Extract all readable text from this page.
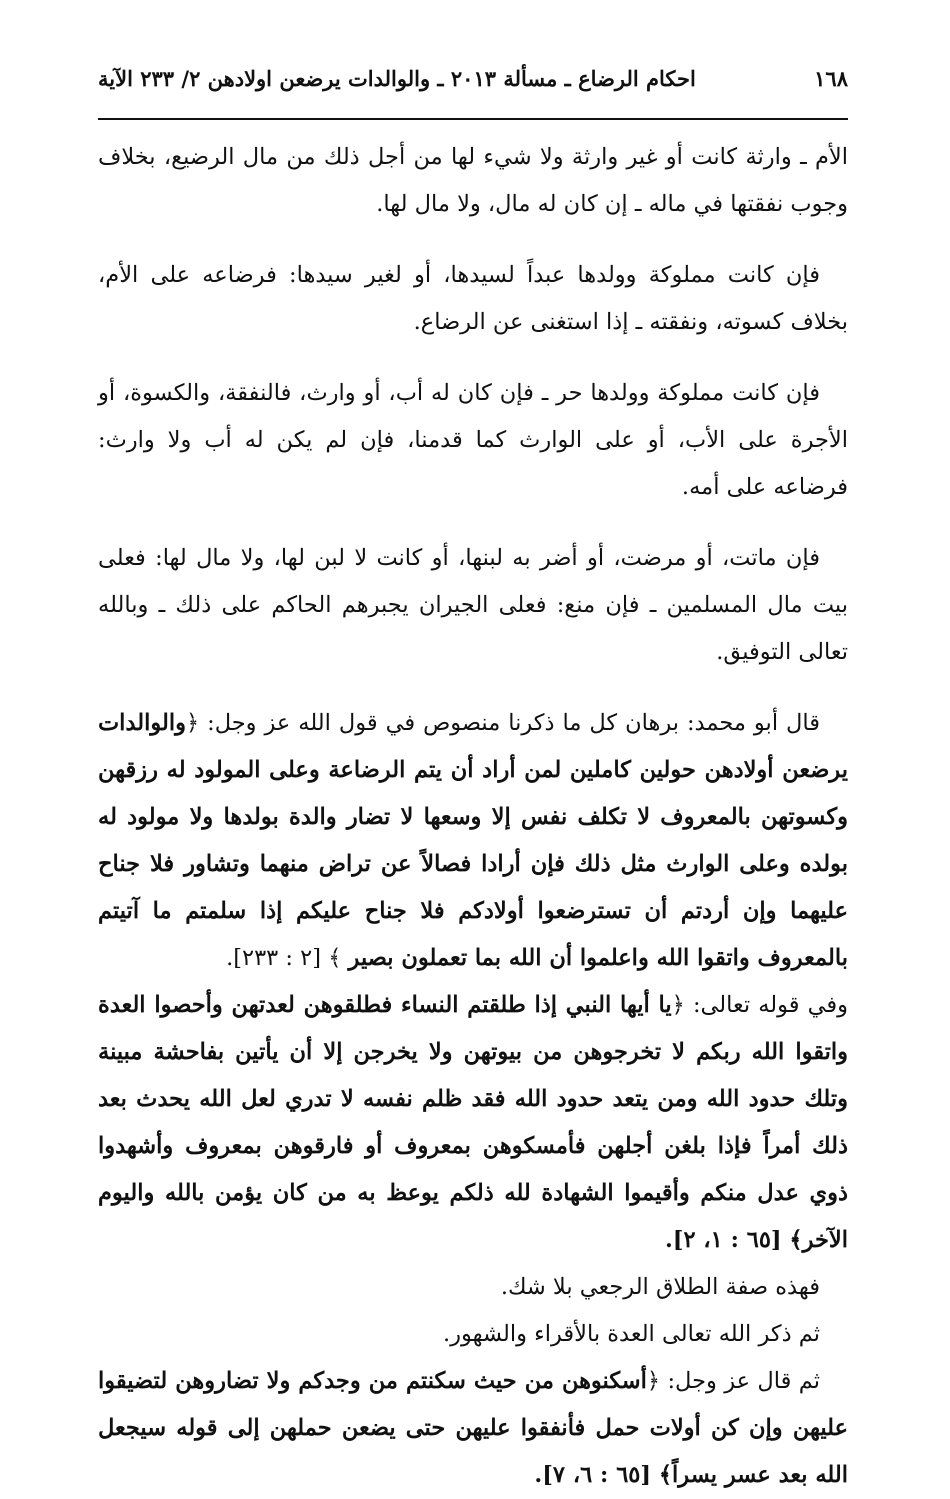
١٦٨
احكام الرضاع ـ مسألة ٢٠١٣ ـ والوالدات يرضعن اولادهن ٢/ ٢٣٣ الآية

الأم ـ وارثة كانت أو غير وارثة ولا شيء لها من أجل ذلك من مال الرضيع، بخلاف وجوب نفقتها في ماله ـ إن كان له مال، ولا مال لها.

فإن كانت مملوكة وولدها عبداً لسيدها، أو لغير سيدها: فرضاعه على الأم، بخلاف كسوته، ونفقته ـ إذا استغنى عن الرضاع.

فإن كانت مملوكة وولدها حر ـ فإن كان له أب، أو وارث، فالنفقة، والكسوة، أو الأجرة على الأب، أو على الوارث كما قدمنا، فإن لم يكن له أب ولا وارث: فرضاعه على أمه.

فإن ماتت، أو مرضت، أو أضر به لبنها، أو كانت لا لبن لها، ولا مال لها: فعلى بيت مال المسلمين ـ فإن منع: فعلى الجيران يجبرهم الحاكم على ذلك ـ وبالله تعالى التوفيق.

قال أبو محمد: برهان كل ما ذكرنا منصوص في قول الله عز وجل: ﴿والوالدات يرضعن أولادهن حولين كاملين لمن أراد أن يتم الرضاعة وعلى المولود له رزقهن وكسوتهن بالمعروف لا تكلف نفس إلا وسعها لا تضار والدة بولدها ولا مولود له بولده وعلى الوارث مثل ذلك فإن أرادا فصالاً عن تراض منهما وتشاور فلا جناح عليهما وإن أردتم أن تسترضعوا أولادكم فلا جناح عليكم إذا سلمتم ما آتيتم بالمعروف واتقوا الله واعلموا أن الله بما تعملون بصير ﴾ [٢ : ٢٣٣].

وفي قوله تعالى: ﴿يا أيها النبي إذا طلقتم النساء فطلقوهن لعدتهن وأحصوا العدة واتقوا الله ربكم لا تخرجوهن من بيوتهن ولا يخرجن إلا أن يأتين بفاحشة مبينة وتلك حدود الله ومن يتعد حدود الله فقد ظلم نفسه لا تدري لعل الله يحدث بعد ذلك أمراً فإذا بلغن أجلهن فأمسكوهن بمعروف أو فارقوهن بمعروف وأشهدوا ذوي عدل منكم وأقيموا الشهادة لله ذلكم يوعظ به من كان يؤمن بالله واليوم الآخر﴾ [٦٥ : ١، ٢].

فهذه صفة الطلاق الرجعي بلا شك.

ثم ذكر الله تعالى العدة بالأقراء والشهور.

ثم قال عز وجل: ﴿أسكنوهن من حيث سكنتم من وجدكم ولا تضاروهن لتضيقوا عليهن وإن كن أولات حمل فأنفقوا عليهن حتى يضعن حملهن إلى قوله سيجعل الله بعد عسر يسراً﴾ [٦٥ : ٦، ٧].
